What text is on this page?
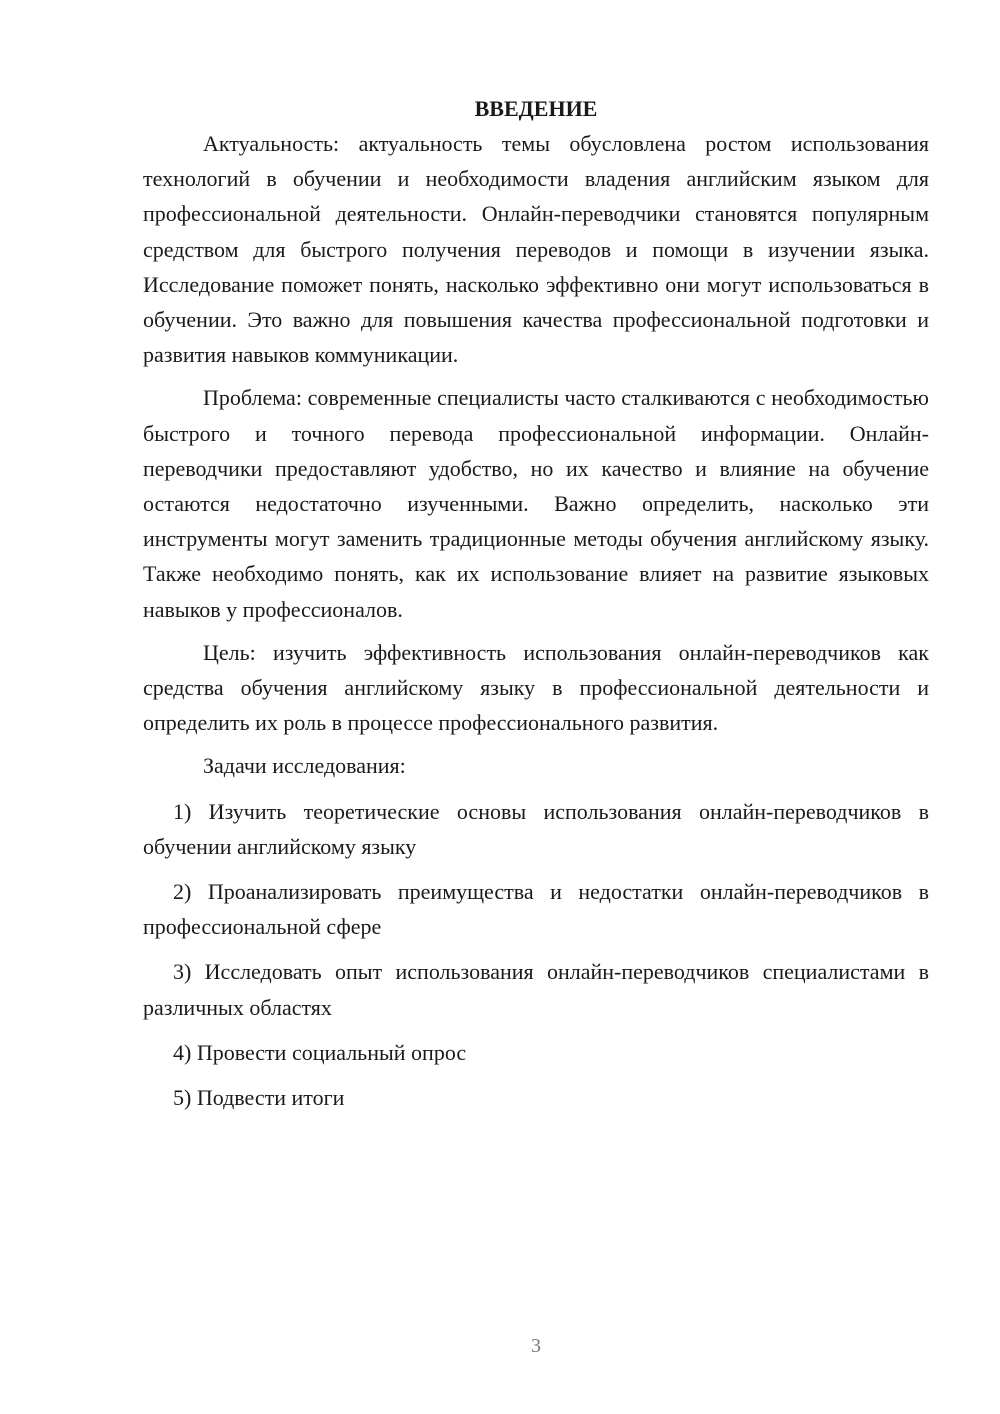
ВВЕДЕНИЕ

Актуальность: актуальность темы обусловлена ростом использования технологий в обучении и необходимости владения английским языком для профессиональной деятельности. Онлайн-переводчики становятся популярным средством для быстрого получения переводов и помощи в изучении языка. Исследование поможет понять, насколько эффективно они могут использоваться в обучении. Это важно для повышения качества профессиональной подготовки и развития навыков коммуникации.

Проблема: современные специалисты часто сталкиваются с необходимостью быстрого и точного перевода профессиональной информации. Онлайн-переводчики предоставляют удобство, но их качество и влияние на обучение остаются недостаточно изученными. Важно определить, насколько эти инструменты могут заменить традиционные методы обучения английскому языку. Также необходимо понять, как их использование влияет на развитие языковых навыков у профессионалов.

Цель: изучить эффективность использования онлайн-переводчиков как средства обучения английскому языку в профессиональной деятельности и определить их роль в процессе профессионального развития.

Задачи исследования:

1) Изучить теоретические основы использования онлайн-переводчиков в обучении английскому языку

2) Проанализировать преимущества и недостатки онлайн-переводчиков в профессиональной сфере

3) Исследовать опыт использования онлайн-переводчиков специалистами в различных областях

4) Провести социальный опрос

5) Подвести итоги

3
